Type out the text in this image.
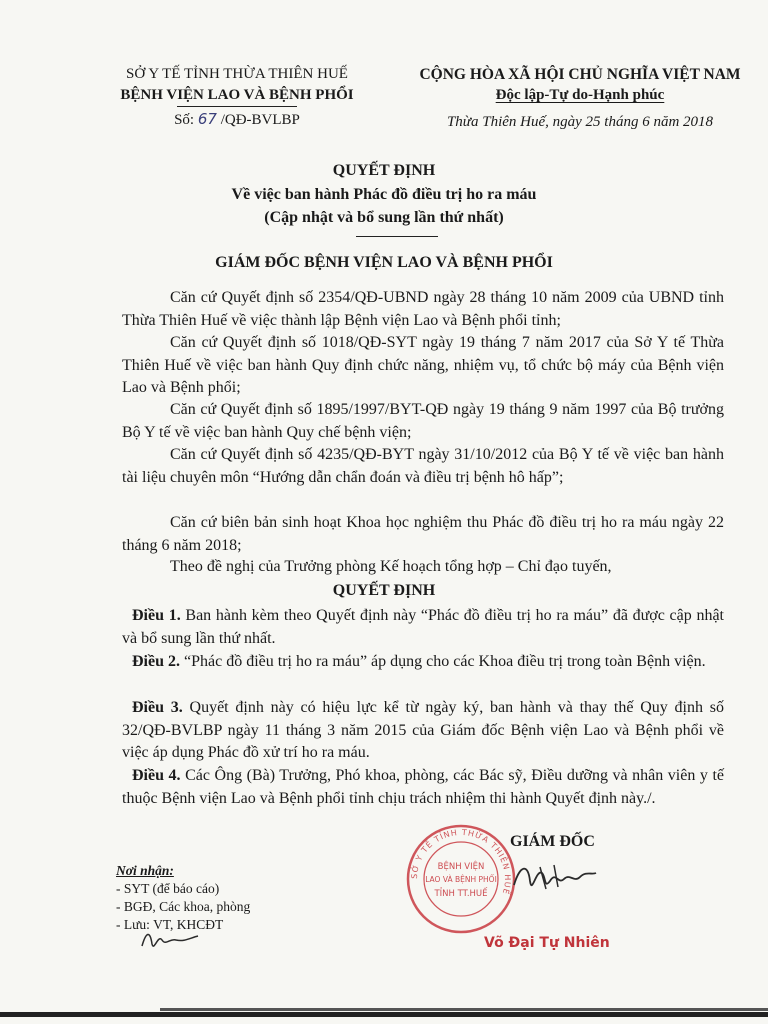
SỞ Y TẾ TỈNH THỪA THIÊN HUẾ
BỆNH VIỆN LAO VÀ BỆNH PHỔI
Số: 67 /QĐ-BVLBP
CỘNG HÒA XÃ HỘI CHỦ NGHĨA VIỆT NAM
Độc lập-Tự do-Hạnh phúc
Thừa Thiên Huế, ngày 25 tháng 6 năm 2018
QUYẾT ĐỊNH
Về việc ban hành Phác đồ điều trị ho ra máu
(Cập nhật và bổ sung lần thứ nhất)
GIÁM ĐỐC BỆNH VIỆN LAO VÀ BỆNH PHỔI
Căn cứ Quyết định số 2354/QĐ-UBND ngày 28 tháng 10 năm 2009 của UBND tỉnh Thừa Thiên Huế về việc thành lập Bệnh viện Lao và Bệnh phổi tỉnh;
Căn cứ Quyết định số 1018/QĐ-SYT ngày 19 tháng 7 năm 2017 của Sở Y tế Thừa Thiên Huế về việc ban hành Quy định chức năng, nhiệm vụ, tổ chức bộ máy của Bệnh viện Lao và Bệnh phổi;
Căn cứ Quyết định số 1895/1997/BYT-QĐ ngày 19 tháng 9 năm 1997 của Bộ trưởng Bộ Y tế về việc ban hành Quy chế bệnh viện;
Căn cứ Quyết định số 4235/QĐ-BYT ngày 31/10/2012 của Bộ Y tế về việc ban hành tài liệu chuyên môn “Hướng dẫn chẩn đoán và điều trị bệnh hô hấp”;
Căn cứ biên bản sinh hoạt Khoa học nghiệm thu Phác đồ điều trị ho ra máu ngày 22 tháng 6 năm 2018;
Theo đề nghị của Trưởng phòng Kế hoạch tổng hợp – Chỉ đạo tuyến,
QUYẾT ĐỊNH
Điều 1. Ban hành kèm theo Quyết định này “Phác đồ điều trị ho ra máu” đã được cập nhật và bổ sung lần thứ nhất.
Điều 2. “Phác đồ điều trị ho ra máu” áp dụng cho các Khoa điều trị trong toàn Bệnh viện.
Điều 3. Quyết định này có hiệu lực kể từ ngày ký, ban hành và thay thế Quy định số 32/QĐ-BVLBP ngày 11 tháng 3 năm 2015 của Giám đốc Bệnh viện Lao và Bệnh phổi về việc áp dụng Phác đồ xử trí ho ra máu.
Điều 4. Các Ông (Bà) Trưởng, Phó khoa, phòng, các Bác sỹ, Điều dưỡng và nhân viên y tế thuộc Bệnh viện Lao và Bệnh phổi tỉnh chịu trách nhiệm thi hành Quyết định này./.
SỞ Y TẾ TỈNH THỪA THIÊN HUẾ
BỆNH VIỆN
LAO VÀ BỆNH PHỔI
TỈNH TT.HUẾ
GIÁM ĐỐC
Võ Đại Tự Nhiên
Nơi nhận:
- SYT (để báo cáo)
- BGĐ, Các khoa, phòng
- Lưu: VT, KHCĐT
